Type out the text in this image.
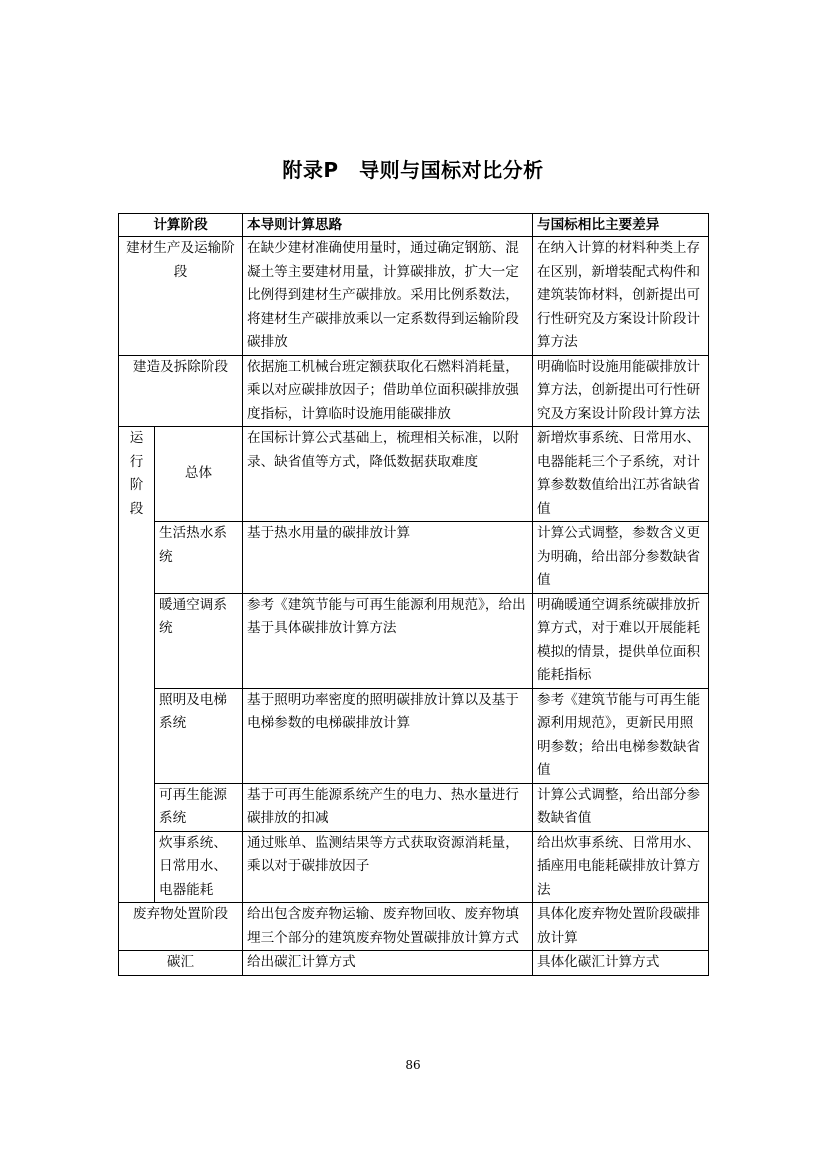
附录P　导则与国标对比分析
计算阶段		本导则计算思路	与国标相比主要差异
建材生产及运输阶段		在缺少建材准确使用量时，通过确定钢筋、混凝土等主要建材用量，计算碳排放，扩大一定比例得到建材生产碳排放。采用比例系数法，将建材生产碳排放乘以一定系数得到运输阶段碳排放	在纳入计算的材料种类上存在区别，新增装配式构件和建筑装饰材料，创新提出可行性研究及方案设计阶段计算方法
建造及拆除阶段		依据施工机械台班定额获取化石燃料消耗量，乘以对应碳排放因子；借助单位面积碳排放强度指标，计算临时设施用能碳排放	明确临时设施用能碳排放计算方法，创新提出可行性研究及方案设计阶段计算方法
运行阶段	总体	在国标计算公式基础上，梳理相关标准，以附录、缺省值等方式，降低数据获取难度	新增炊事系统、日常用水、电器能耗三个子系统，对计算参数数值给出江苏省缺省值
	生活热水系统	基于热水用量的碳排放计算	计算公式调整，参数含义更为明确，给出部分参数缺省值
	暖通空调系统	参考《建筑节能与可再生能源利用规范》，给出基于具体碳排放计算方法	明确暖通空调系统碳排放折算方式，对于难以开展能耗模拟的情景，提供单位面积能耗指标
	照明及电梯系统	基于照明功率密度的照明碳排放计算以及基于电梯参数的电梯碳排放计算	参考《建筑节能与可再生能源利用规范》，更新民用照明参数；给出电梯参数缺省值
	可再生能源系统	基于可再生能源系统产生的电力、热水量进行碳排放的扣减	计算公式调整，给出部分参数缺省值
	炊事系统、日常用水、电器能耗	通过账单、监测结果等方式获取资源消耗量，乘以对于碳排放因子	给出炊事系统、日常用水、插座用电能耗碳排放计算方法
废弃物处置阶段		给出包含废弃物运输、废弃物回收、废弃物填埋三个部分的建筑废弃物处置碳排放计算方式	具体化废弃物处置阶段碳排放计算
碳汇		给出碳汇计算方式	具体化碳汇计算方式
86
